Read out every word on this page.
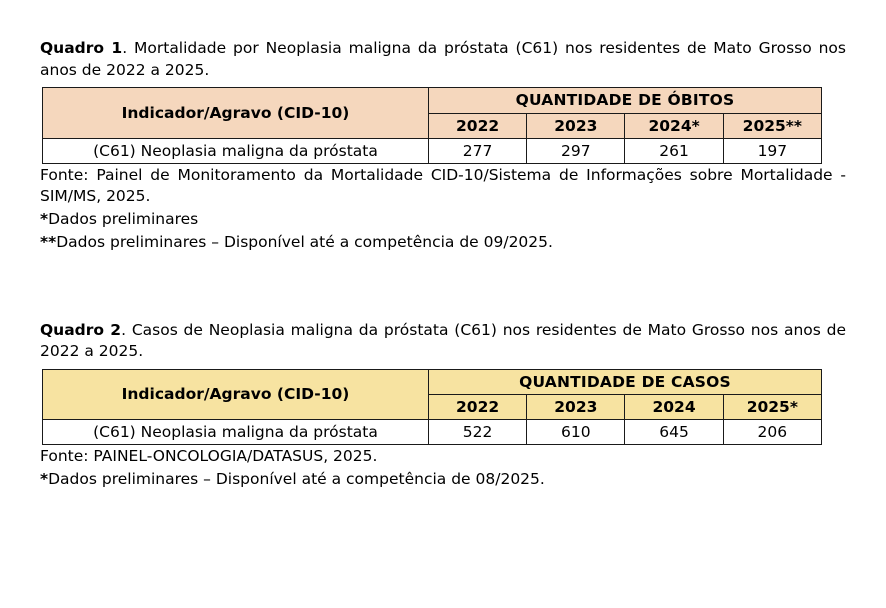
Quadro 1. Mortalidade por Neoplasia maligna da próstata (C61) nos residentes de Mato Grosso nos anos de 2022 a 2025.
Indicador/Agravo (CID-10)	QUANTIDADE DE ÓBITOS			
	2022	2023	2024*	2025**
(C61) Neoplasia maligna da próstata	277	297	261	197
Fonte: Painel de Monitoramento da Mortalidade CID-10/Sistema de Informações sobre Mortalidade - SIM/MS, 2025.
*Dados preliminares
**Dados preliminares – Disponível até a competência de 09/2025.
Quadro 2. Casos de Neoplasia maligna da próstata (C61) nos residentes de Mato Grosso nos anos de 2022 a 2025.
Indicador/Agravo (CID-10)	QUANTIDADE DE CASOS			
	2022	2023	2024	2025*
(C61) Neoplasia maligna da próstata	522	610	645	206
Fonte: PAINEL-ONCOLOGIA/DATASUS, 2025.
*Dados preliminares – Disponível até a competência de 08/2025.
